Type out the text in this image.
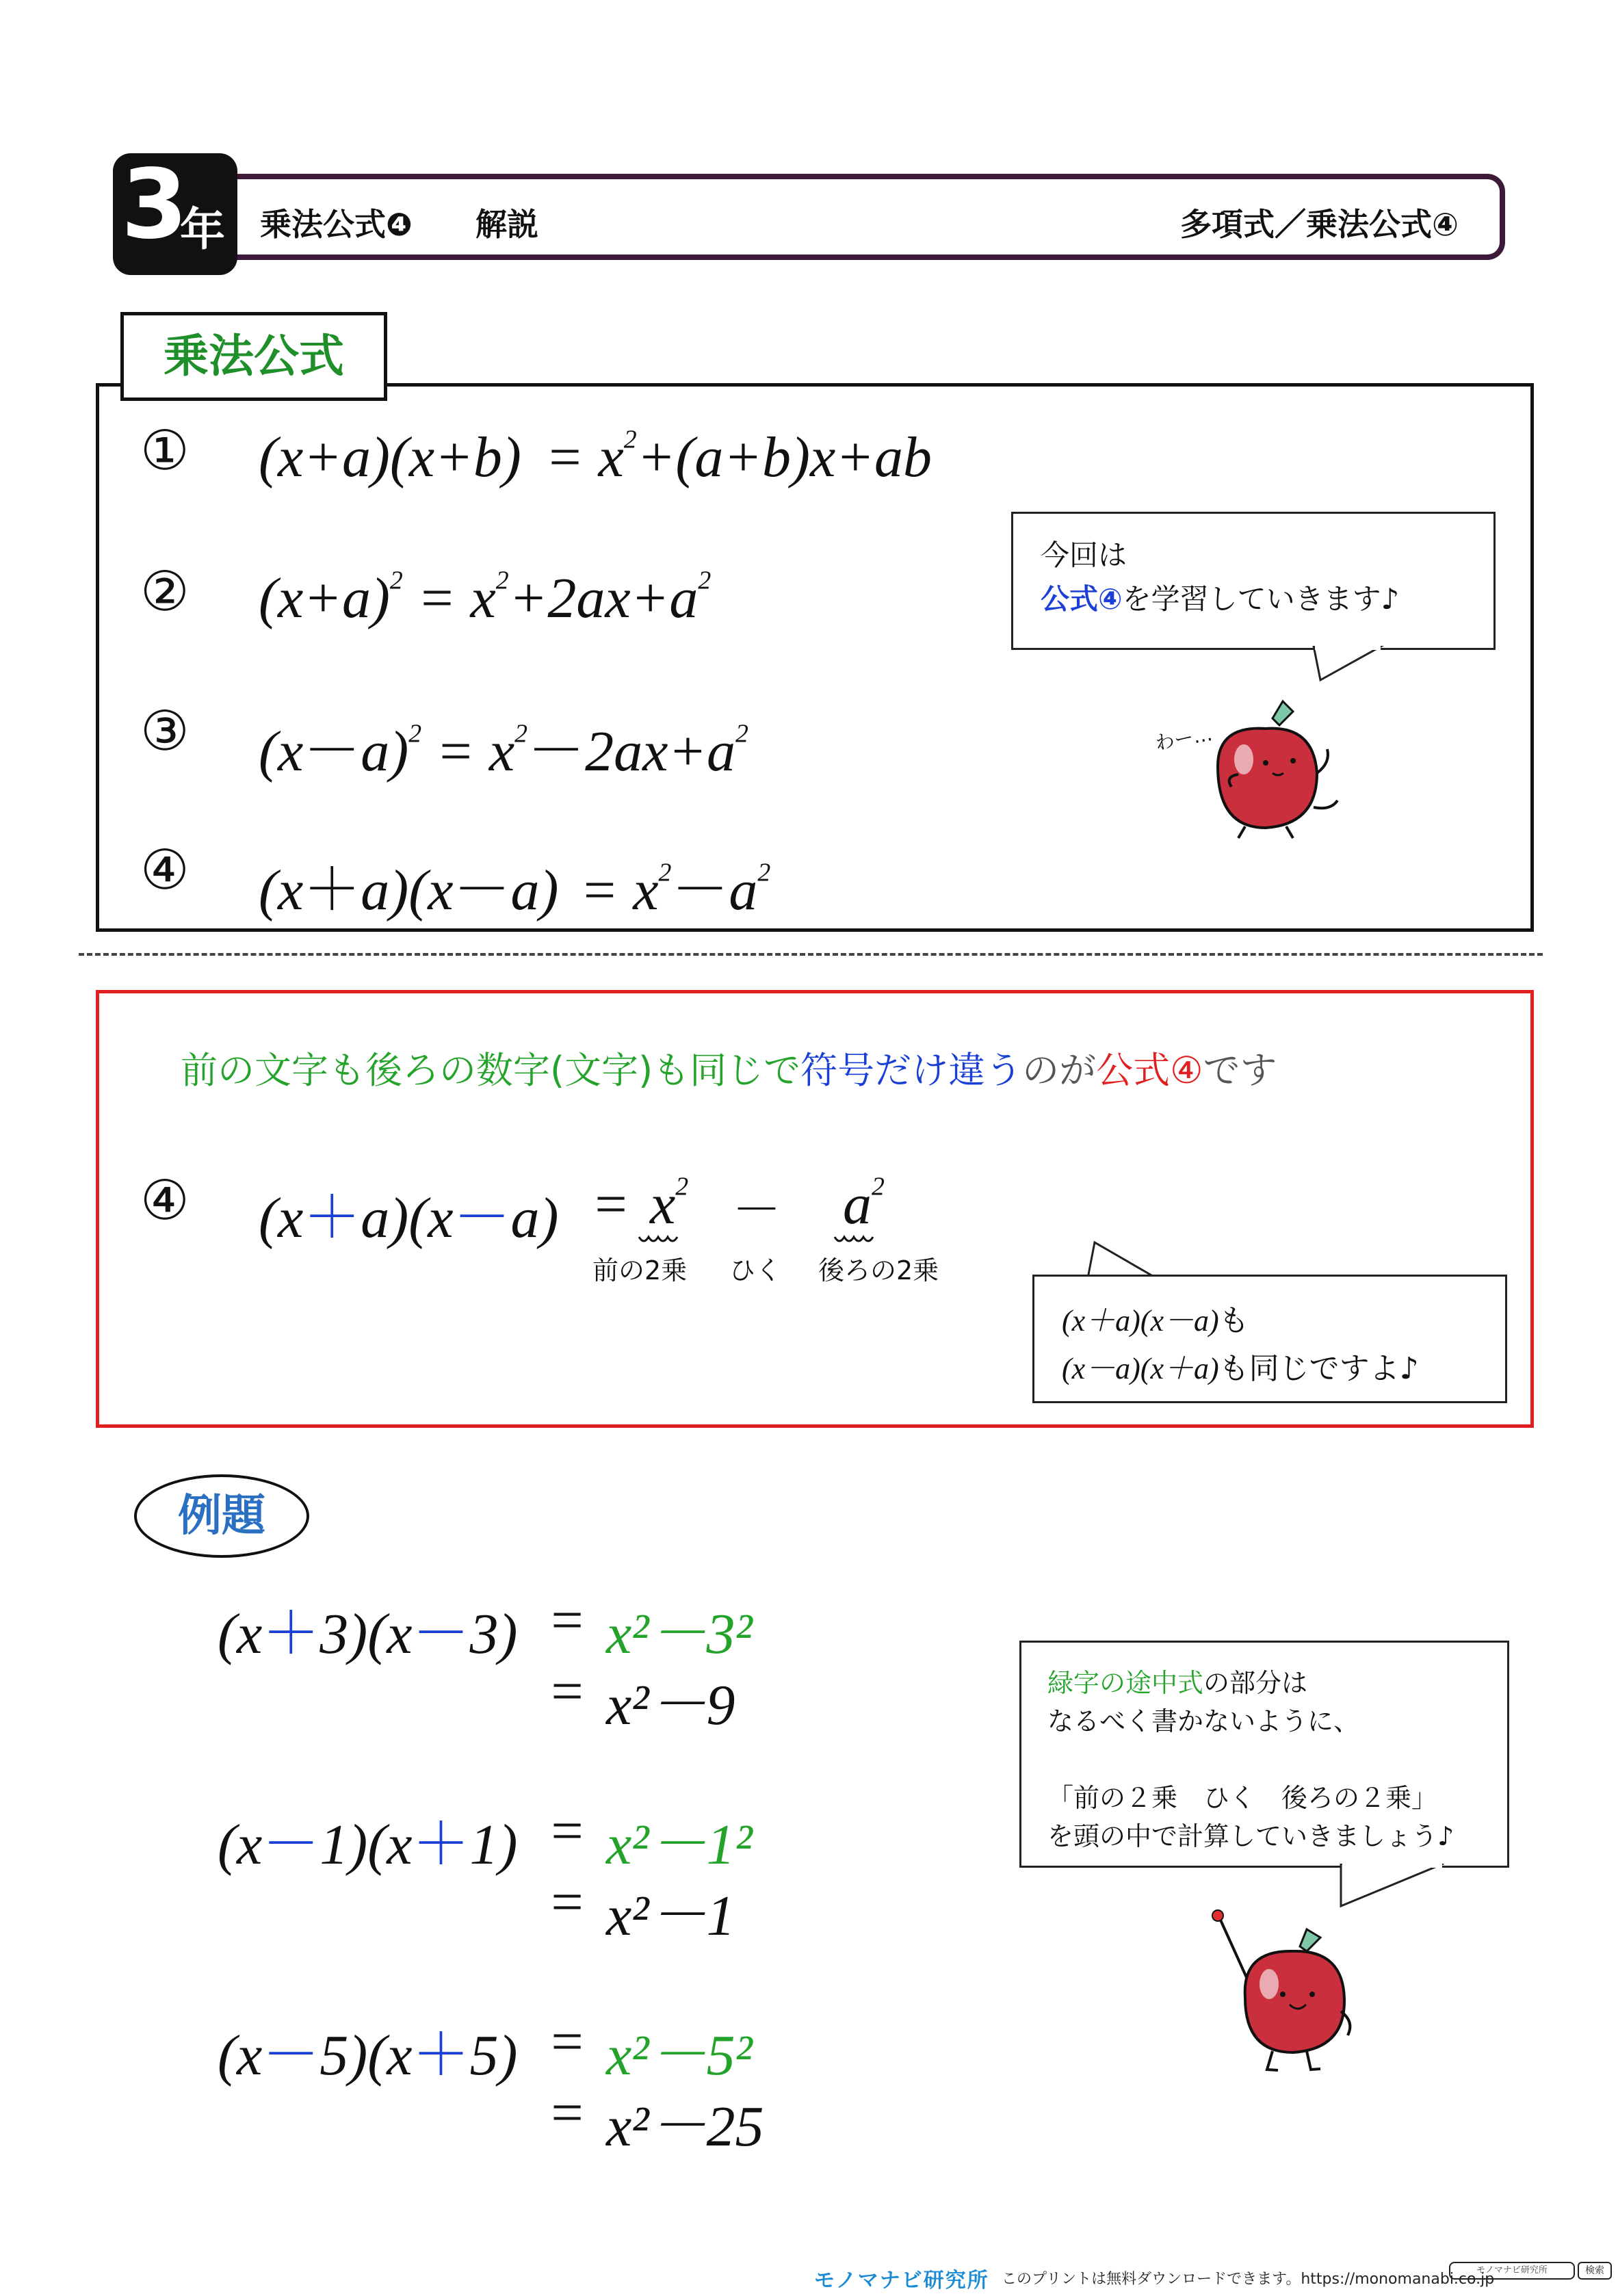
乗法公式❹　　解説	多項式／乗法公式④
3
年
乗法公式
① $(x+a)(x+b) = x^2+(a+b)x+ab$
② $(x+a)^2 = x^2+2ax+a^2$
③ $(x-a)^2 = x^2-2ax+a^2$
④ $(x+a)(x-a) = x^2-a^2$
今回は
公式④を学習していきます♪
わー…
前の文字も後ろの数字(文字)も同じで符号だけ違うのが公式④です
④ $(x+a)(x-a) = x^2 - a^2$
前の2乗 ひく 後ろの2乗
(x＋a)(x－a)も
(x－a)(x＋a)も同じですよ♪
例題
(x＋3)(x－3) = x²－3²
= x²－9
(x－1)(x＋1) = x²－1²
= x²－1
(x－5)(x＋5) = x²－5²
= x²－25
緑字の途中式の部分は
なるべく書かないように、
「前の２乗　ひく　後ろの２乗」
を頭の中で計算していきましょう♪
モノマナビ研究所 このプリントは無料ダウンロードできます。https://monomanabi.co.jp
モノマナビ研究所	検索
